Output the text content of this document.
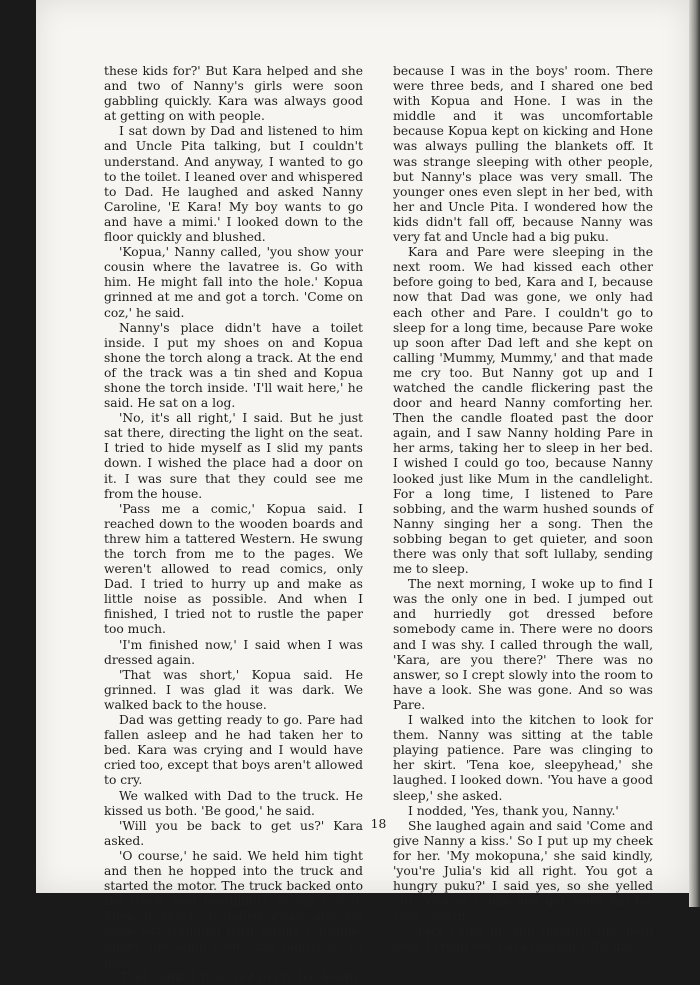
these kids for?' But Kara helped and she and two of Nanny's girls were soon gabbling quickly. Kara was always good at getting on with people.

I sat down by Dad and listened to him and Uncle Pita talking, but I couldn't understand. And anyway, I wanted to go to the toilet. I leaned over and whispered to Dad. He laughed and asked Nanny Caroline, 'E Kara! My boy wants to go and have a mimi.' I looked down to the floor quickly and blushed.

'Kopua,' Nanny called, 'you show your cousin where the lavatree is. Go with him. He might fall into the hole.' Kopua grinned at me and got a torch. 'Come on coz,' he said.

Nanny's place didn't have a toilet inside. I put my shoes on and Kopua shone the torch along a track. At the end of the track was a tin shed and Kopua shone the torch inside. 'I'll wait here,' he said. He sat on a log.

'No, it's all right,' I said. But he just sat there, directing the light on the seat. I tried to hide myself as I slid my pants down. I wished the place had a door on it. I was sure that they could see me from the house.

'Pass me a comic,' Kopua said. I reached down to the wooden boards and threw him a tattered Western. He swung the torch from me to the pages. We weren't allowed to read comics, only Dad. I tried to hurry up and make as little noise as possible. And when I finished, I tried not to rustle the paper too much.

'I'm finished now,' I said when I was dressed again.

'That was short,' Kopua said. He grinned. I was glad it was dark. We walked back to the house.

Dad was getting ready to go. Pare had fallen asleep and he had taken her to bed. Kara was crying and I would have cried too, except that boys aren't allowed to cry.

We walked with Dad to the truck. He kissed us both. 'Be good,' he said.

'Will you be back to get us?' Kara asked.

'O course,' he said. We held him tight and then he hopped into the truck and started the motor. The truck backed onto the track, and headlights swung round. Then it slowly trundled away, and we were left standing with Nanny Caroline, under the lamp collecting moths to its glow.

That night, I tried not to cry too loudly,

because I was in the boys' room. There were three beds, and I shared one bed with Kopua and Hone. I was in the middle and it was uncomfortable because Kopua kept on kicking and Hone was always pulling the blankets off. It was strange sleeping with other people, but Nanny's place was very small. The younger ones even slept in her bed, with her and Uncle Pita. I wondered how the kids didn't fall off, because Nanny was very fat and Uncle had a big puku.

Kara and Pare were sleeping in the next room. We had kissed each other before going to bed, Kara and I, because now that Dad was gone, we only had each other and Pare. I couldn't go to sleep for a long time, because Pare woke up soon after Dad left and she kept on calling 'Mummy, Mummy,' and that made me cry too. But Nanny got up and I watched the candle flickering past the door and heard Nanny comforting her. Then the candle floated past the door again, and I saw Nanny holding Pare in her arms, taking her to sleep in her bed. I wished I could go too, because Nanny looked just like Mum in the candlelight. For a long time, I listened to Pare sobbing, and the warm hushed sounds of Nanny singing her a song. Then the sobbing began to get quieter, and soon there was only that soft lullaby, sending me to sleep.

The next morning, I woke up to find I was the only one in bed. I jumped out and hurriedly got dressed before somebody came in. There were no doors and I was shy. I called through the wall, 'Kara, are you there?' There was no answer, so I crept slowly into the room to have a look. She was gone. And so was Pare.

I walked into the kitchen to look for them. Nanny was sitting at the table playing patience. Pare was clinging to her skirt. 'Tena koe, sleepyhead,' she laughed. I looked down. 'You have a good sleep,' she asked.

I nodded, 'Yes, thank you, Nanny.'

She laughed again and said 'Come and give Nanny a kiss.' So I put up my cheek for her. 'My mokopuna,' she said kindly, 'you're Julia's kid all right. You got a hungry puku?' I said yes, so she yelled out, 'Grace! Come and get some kai for your cousin.'

Grace came in, and through the open door I could see Kara playing with the

18
